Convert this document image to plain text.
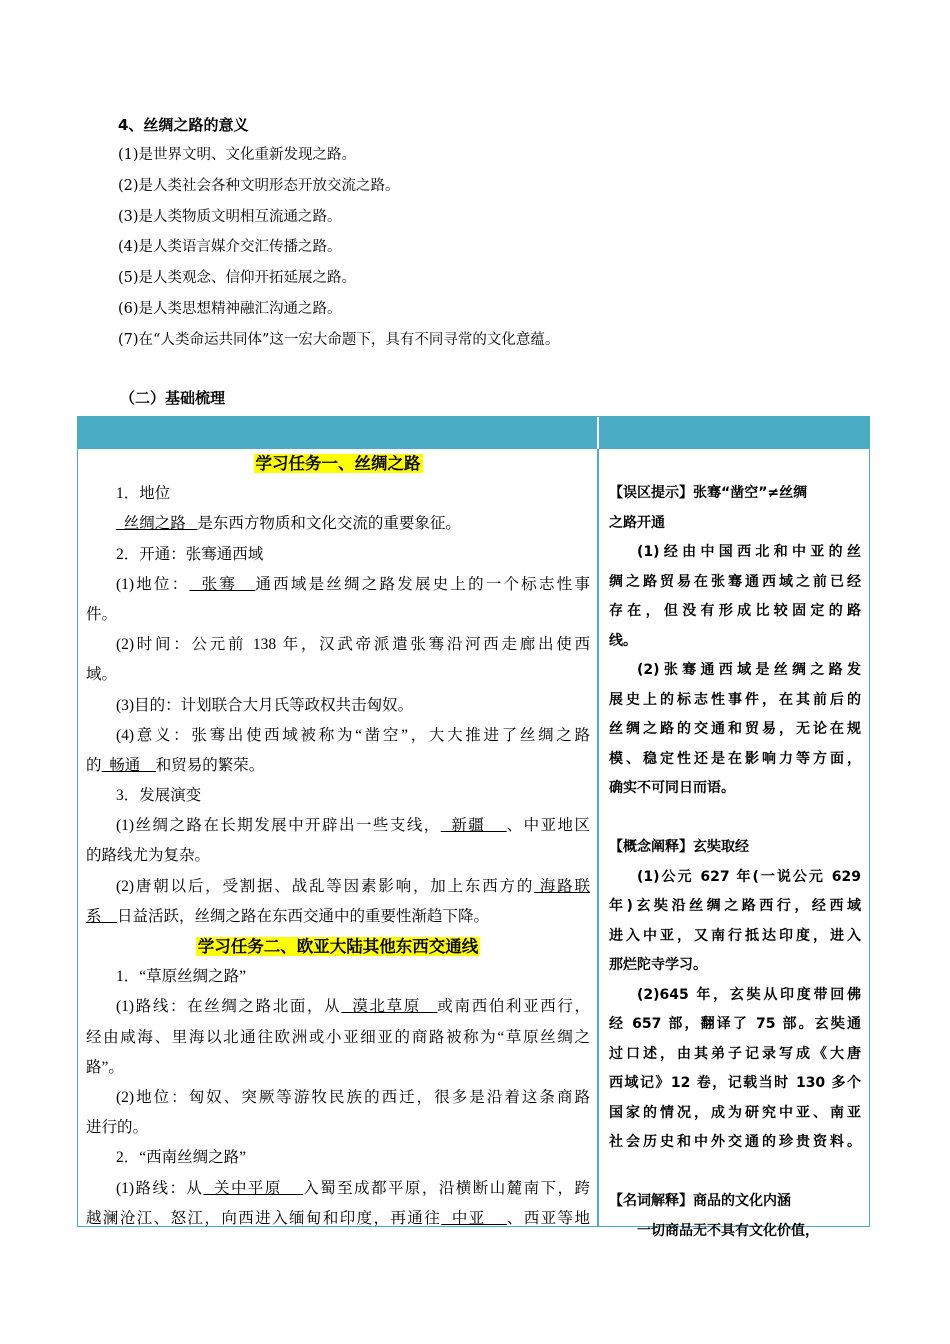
4、丝绸之路的意义
(1)是世界文明、文化重新发现之路。
(2)是人类社会各种文明形态开放交流之路。
(3)是人类物质文明相互流通之路。
(4)是人类语言媒介交汇传播之路。
(5)是人类观念、信仰开拓延展之路。
(6)是人类思想精神融汇沟通之路。
(7)在“人类命运共同体”这一宏大命题下，具有不同寻常的文化意蕴。
（二）基础梳理
学习任务一、丝绸之路
1．地位
丝绸之路   是东西方物质和文化交流的重要象征。
2．开通：张骞通西域
(1)地位：  张骞   通西域是丝绸之路发展史上的一个标志性事
件。
(2)时间：公元前 138 年，汉武帝派遣张骞沿河西走廊出使西
域。
(3)目的：计划联合大月氏等政权共击匈奴。
(4)意义：张骞出使西域被称为“凿空”，大大推进了丝绸之路
的  畅通    和贸易的繁荣。
3．发展演变
(1)丝绸之路在长期发展中开辟出一些支线，  新疆    、中亚地区
的路线尤为复杂。
(2)唐朝以后，受割据、战乱等因素影响，加上东西方的 海路联
系    日益活跃，丝绸之路在东西交通中的重要性渐趋下降。
学习任务二、欧亚大陆其他东西交通线
1．“草原丝绸之路”
(1)路线：在丝绸之路北面，从  漠北草原   或南西伯利亚西行，
经由咸海、里海以北通往欧洲或小亚细亚的商路被称为“草原丝绸之
路”。
(2)地位：匈奴、突厥等游牧民族的西迁，很多是沿着这条商路
进行的。
2．“西南丝绸之路”
(1)路线：从  关中平原    入蜀至成都平原，沿横断山麓南下，跨
越澜沧江、怒江，向西进入缅甸和印度，再通往  中亚    、西亚等地
【误区提示】张骞“凿空”≠丝绸
之路开通
(1)经由中国西北和中亚的丝
绸之路贸易在张骞通西域之前已经
存在，但没有形成比较固定的路
线。
(2)张骞通西域是丝绸之路发
展史上的标志性事件，在其前后的
丝绸之路的交通和贸易，无论在规
模、稳定性还是在影响力等方面，
确实不可同日而语。
【概念阐释】玄奘取经
(1)公元 627 年(一说公元 629
年)玄奘沿丝绸之路西行，经西域
进入中亚，又南行抵达印度，进入
那烂陀寺学习。
(2)645 年，玄奘从印度带回佛
经 657 部，翻译了 75 部。玄奘通
过口述，由其弟子记录写成《大唐
西域记》12 卷，记载当时 130 多个
国家的情况，成为研究中亚、南亚
社会历史和中外交通的珍贵资料。
【名词解释】商品的文化内涵
一切商品无不具有文化价值，
